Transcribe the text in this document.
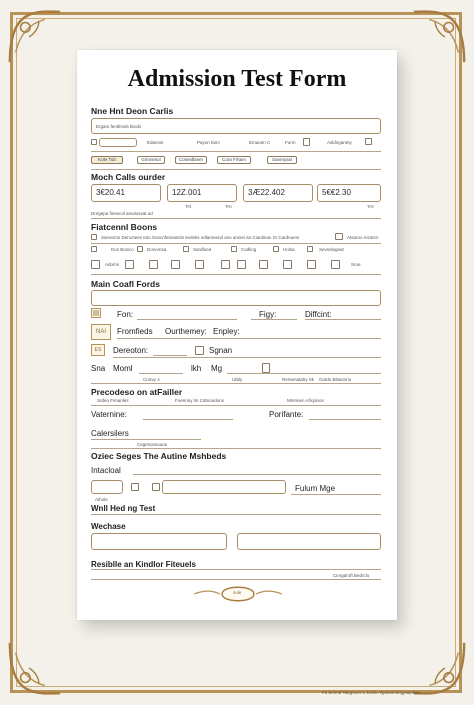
Admission Test Form
Nne Hnt Deon Carlis
Ergam fentlnrals Bools
Edannie	Payon fam!	Emaoen C	Form	Asldngantny
Kole Tub	Grimsetol	Cotvedlaner	Cora Fritam	Sanmyasl
Moch Calls ourder
3€20.41	12Z.001	3Æ22.402	5€€2.30
TAl	TAI	TAI
Drngepa firesvoil amalosvat ad
Fiatcennl Boons
Sarvercto Dencrtees Into Soncnfersantsis teoleks rellamnend ans anniei an Ciantinan Sr Cardnuesr	Atsaroo Arranrn
Dos Bosico	Dorvonsa	Sardfoed	Codling	Holsa	Sevsnlegeat
Adoms	Sroe
Main Coafl Fords
▤ Fon:	Figy:	Diffcint:
NAI	Fromfieds Ourthemey: Enpley:
ES	Dereoton:	Sgnan
Sna Moml	lkh Mg
Crotvy 4	Utbly	Rersenatahy Sk Gotdo Bibansrio
Precodeso on atFailler
Srdeo Fimanles	Foennny lm Cdmondons	Mmnnen Aficpinos
Vaternine:	Porifante:
Calersilers
Cegesonsouon
Oziec Seges The Autine Mshbeds
Intacloal
Fulum Mge
Athole
Wnll Hed ng Test
Wechase
Resiblle an Kindlor Fiteuels
Cinrgdroft Bedrclo
sule
Fa Smmd Tabgmon C Eosb Algulnal Bogjaapiltan
